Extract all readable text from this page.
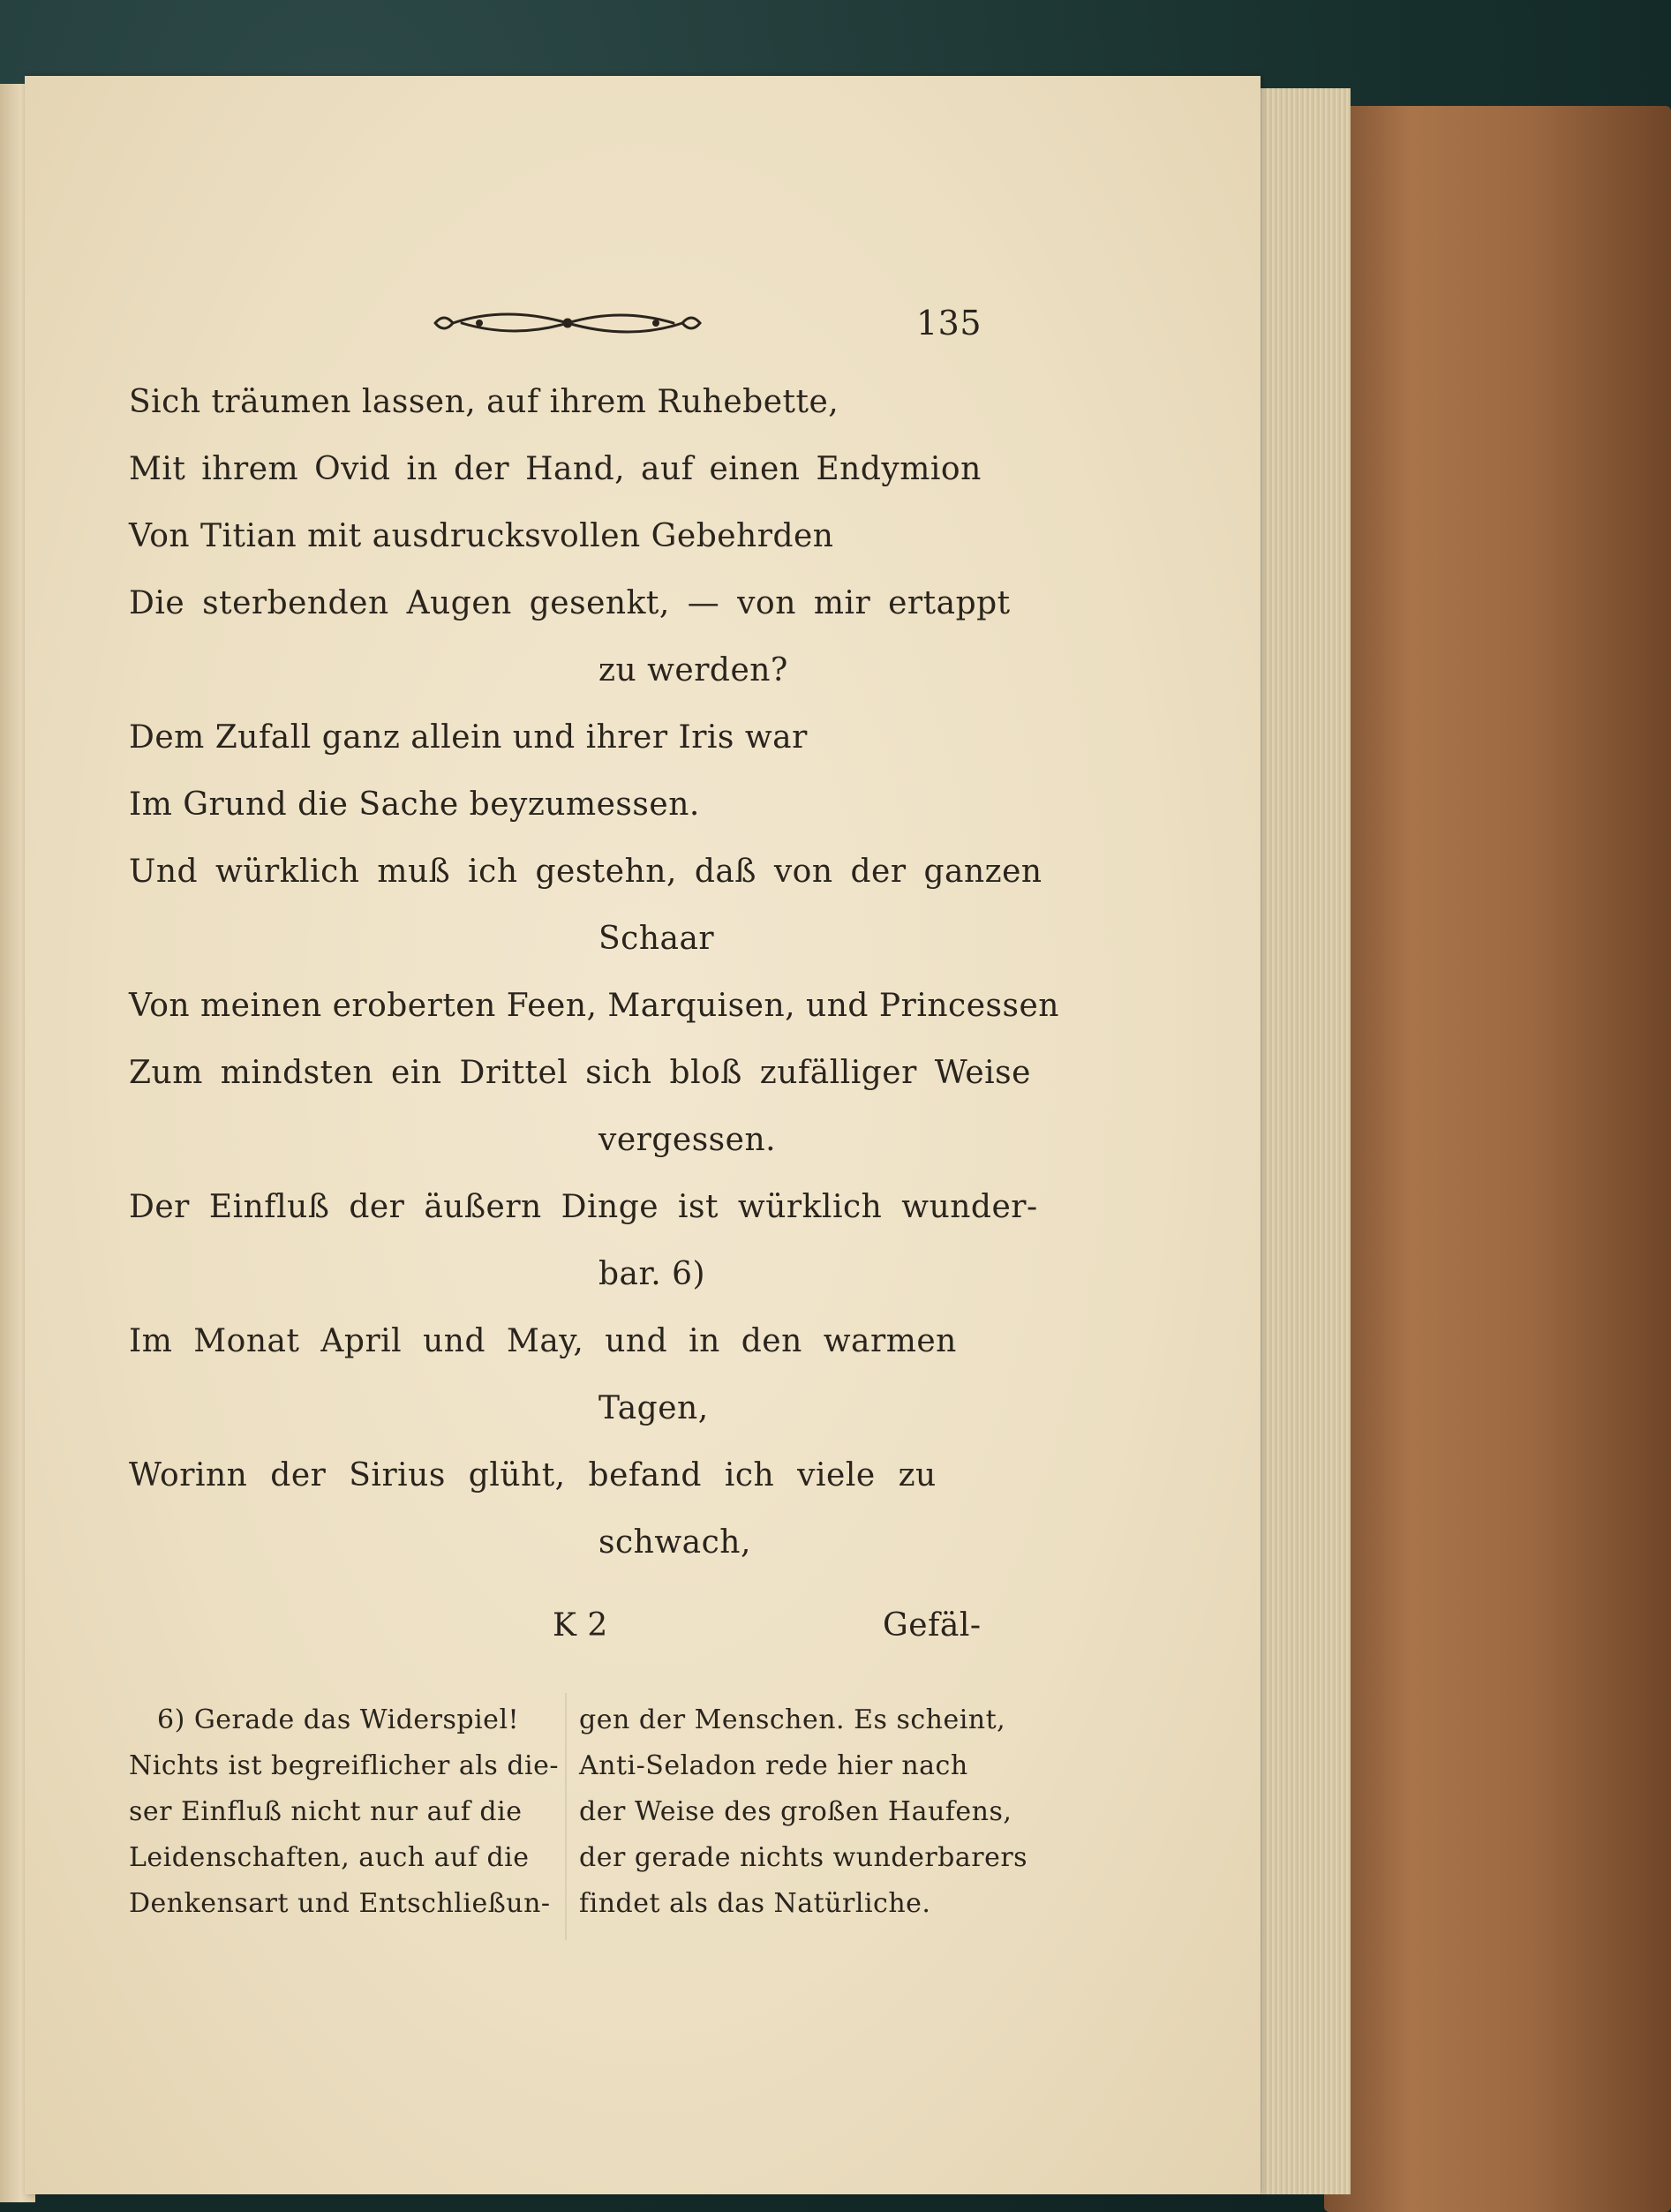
135
Sich träumen lassen, auf ihrem Ruhebette,
Mit ihrem Ovid in der Hand, auf einen Endymion
Von Titian mit ausdrucksvollen Gebehrden
Die sterbenden Augen gesenkt, — von mir ertappt
zu werden?
Dem Zufall ganz allein und ihrer Iris war
Im Grund die Sache beyzumessen.
Und würklich muß ich gestehn, daß von der ganzen
Schaar
Von meinen eroberten Feen, Marquisen, und Princessen
Zum mindsten ein Drittel sich bloß zufälliger Weise
vergessen.
Der Einfluß der äußern Dinge ist würklich wunder-
bar. 6)
Im Monat April und May, und in den warmen
Tagen,
Worinn der Sirius glüht, befand ich viele zu
schwach,
K 2	Gefäl-
6) Gerade das Widerspiel!
Nichts ist begreiflicher als die-
ser Einfluß nicht nur auf die
Leidenschaften, auch auf die
Denkensart und Entschließun-
gen der Menschen. Es scheint,
Anti-Seladon rede hier nach
der Weise des großen Haufens,
der gerade nichts wunderbarers
findet als das Natürliche.
